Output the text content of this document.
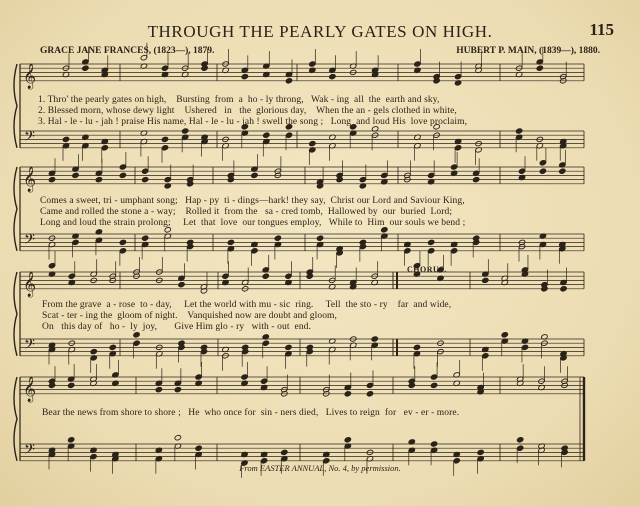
THROUGH THE PEARLY GATES ON HIGH.	115
GRACE JANE FRANCES, (1823—), 1879.	HUBERT P. MAIN, (1839—), 1880.
𝄞
𝄢
𝄞
𝄢
𝄞
𝄢
𝄞
𝄢
CHORUS.
1. Thro' the pearly gates on high,    Bursting  from  a  ho - ly throng,   Wak - ing  all  the  earth and sky,
2. Blessed morn, whose dewy light    Ushered   in   the  glorious day,    When the an - gels clothed in white,
3. Hal - le - lu - jah ! praise His name, Hal - le - lu - jah ! swell the song ;   Long  and loud His  love proclaim,
Comes a sweet, tri - umphant song;   Hap - py  ti - dings—hark! they say,  Christ our Lord and Saviour King,
Came and rolled the stone a - way;    Rolled it  from the   sa - cred tomb,  Hallowed by  our  buried  Lord;
Long and loud the strain prolong;     Let  that  love  our tongues employ,   While to  Him  our souls we bend ;
From the grave  a - rose  to - day,     Let the world with mu - sic  ring.     Tell  the sto - ry    far  and wide,
Scat - ter - ing the  gloom of night.    Vanquished now are doubt and gloom,
On   this day of   ho -  ly  joy,       Give Him glo - ry   with - out  end.
Bear the news from shore to shore ;   He  who once for  sin - ners died,   Lives to reign  for   ev - er - more.
From EASTER ANNUAL, No. 4, by permission.
